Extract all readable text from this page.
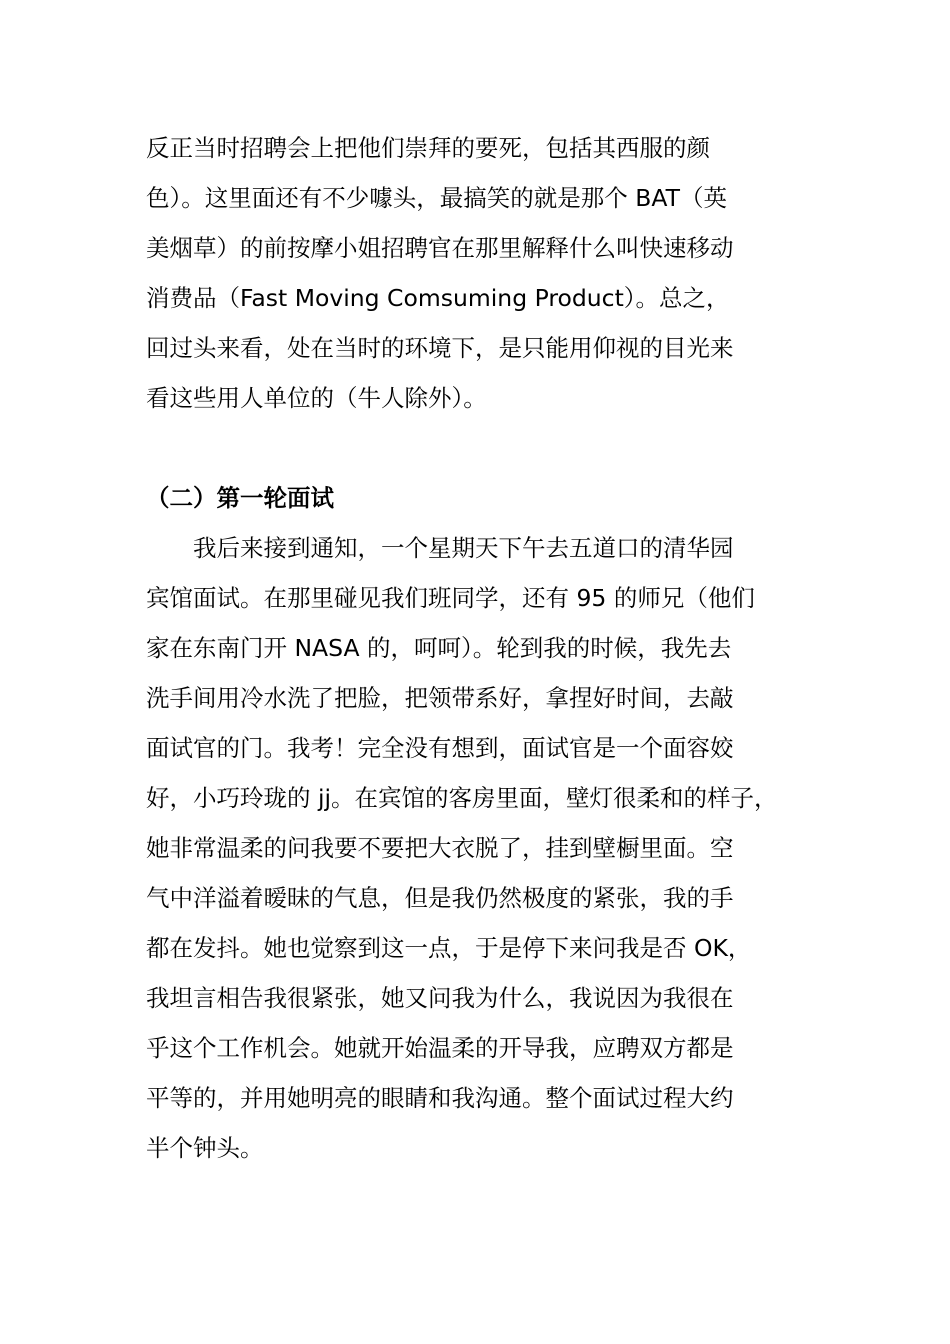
反正当时招聘会上把他们崇拜的要死，包括其西服的颜
色）。这里面还有不少噱头，最搞笑的就是那个 BAT（英
美烟草）的前按摩小姐招聘官在那里解释什么叫快速移动
消费品（Fast Moving Comsuming Product）。总之，
回过头来看，处在当时的环境下，是只能用仰视的目光来
看这些用人单位的（牛人除外）。
（二）第一轮面试
　　我后来接到通知，一个星期天下午去五道口的清华园
宾馆面试。在那里碰见我们班同学，还有 95 的师兄（他们
家在东南门开 NASA 的，呵呵）。轮到我的时候，我先去
洗手间用冷水洗了把脸，把领带系好，拿捏好时间，去敲
面试官的门。我考！完全没有想到，面试官是一个面容姣
好，小巧玲珑的 jj。在宾馆的客房里面，壁灯很柔和的样子，
她非常温柔的问我要不要把大衣脱了，挂到壁橱里面。空
气中洋溢着暧昧的气息，但是我仍然极度的紧张，我的手
都在发抖。她也觉察到这一点，于是停下来问我是否 OK，
我坦言相告我很紧张，她又问我为什么，我说因为我很在
乎这个工作机会。她就开始温柔的开导我，应聘双方都是
平等的，并用她明亮的眼睛和我沟通。整个面试过程大约
半个钟头。
